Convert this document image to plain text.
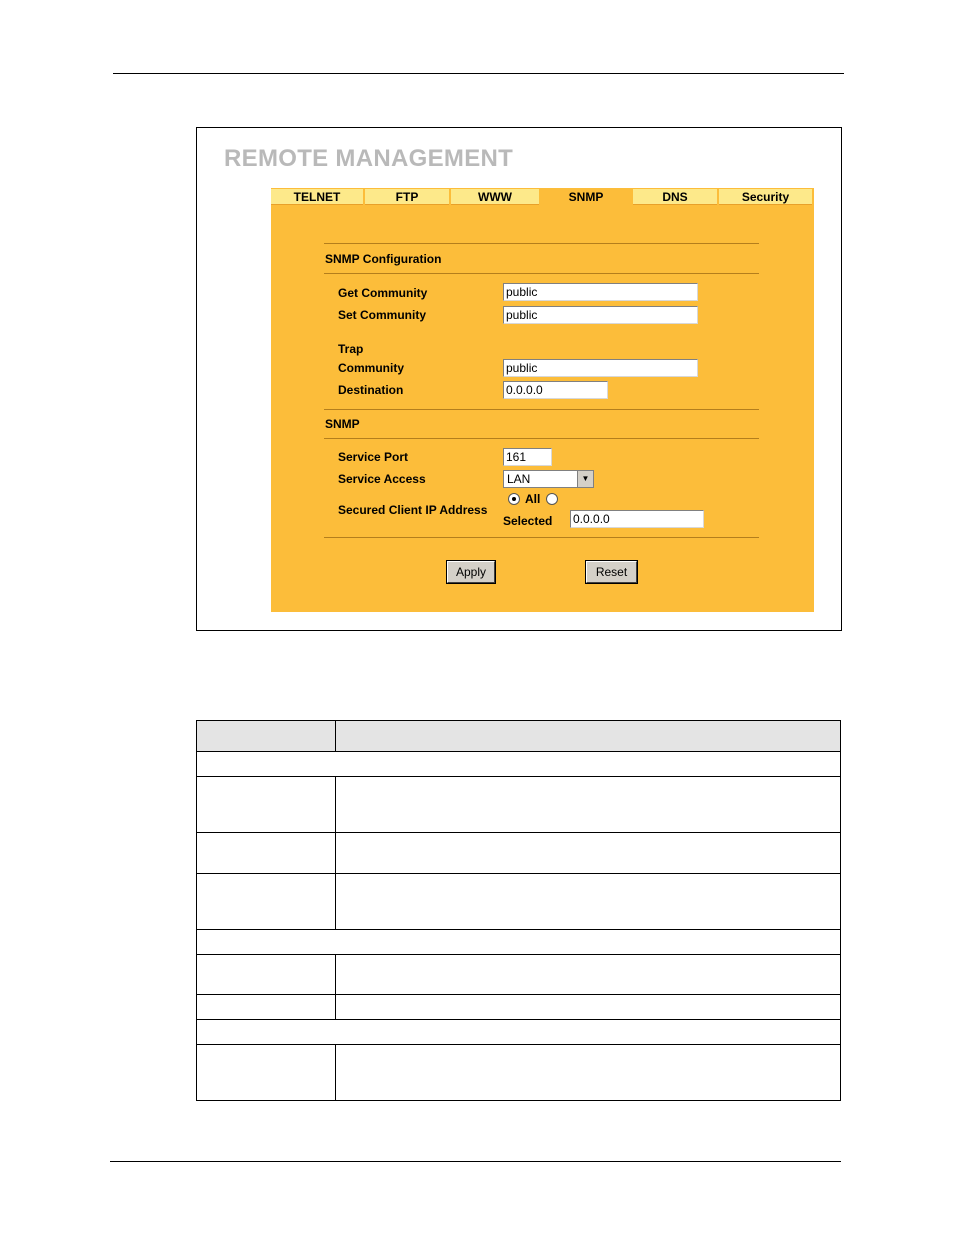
REMOTE MANAGEMENT
TELNET	FTP	WWW	SNMP	DNS	Security
SNMP Configuration
Get Community	public
Set Community	public
Trap
Community	public
Destination	0.0.0.0
SNMP
Service Port	161
Service Access	LAN	▼
Secured Client IP Address
All
Selected 0.0.0.0
Apply	Reset
